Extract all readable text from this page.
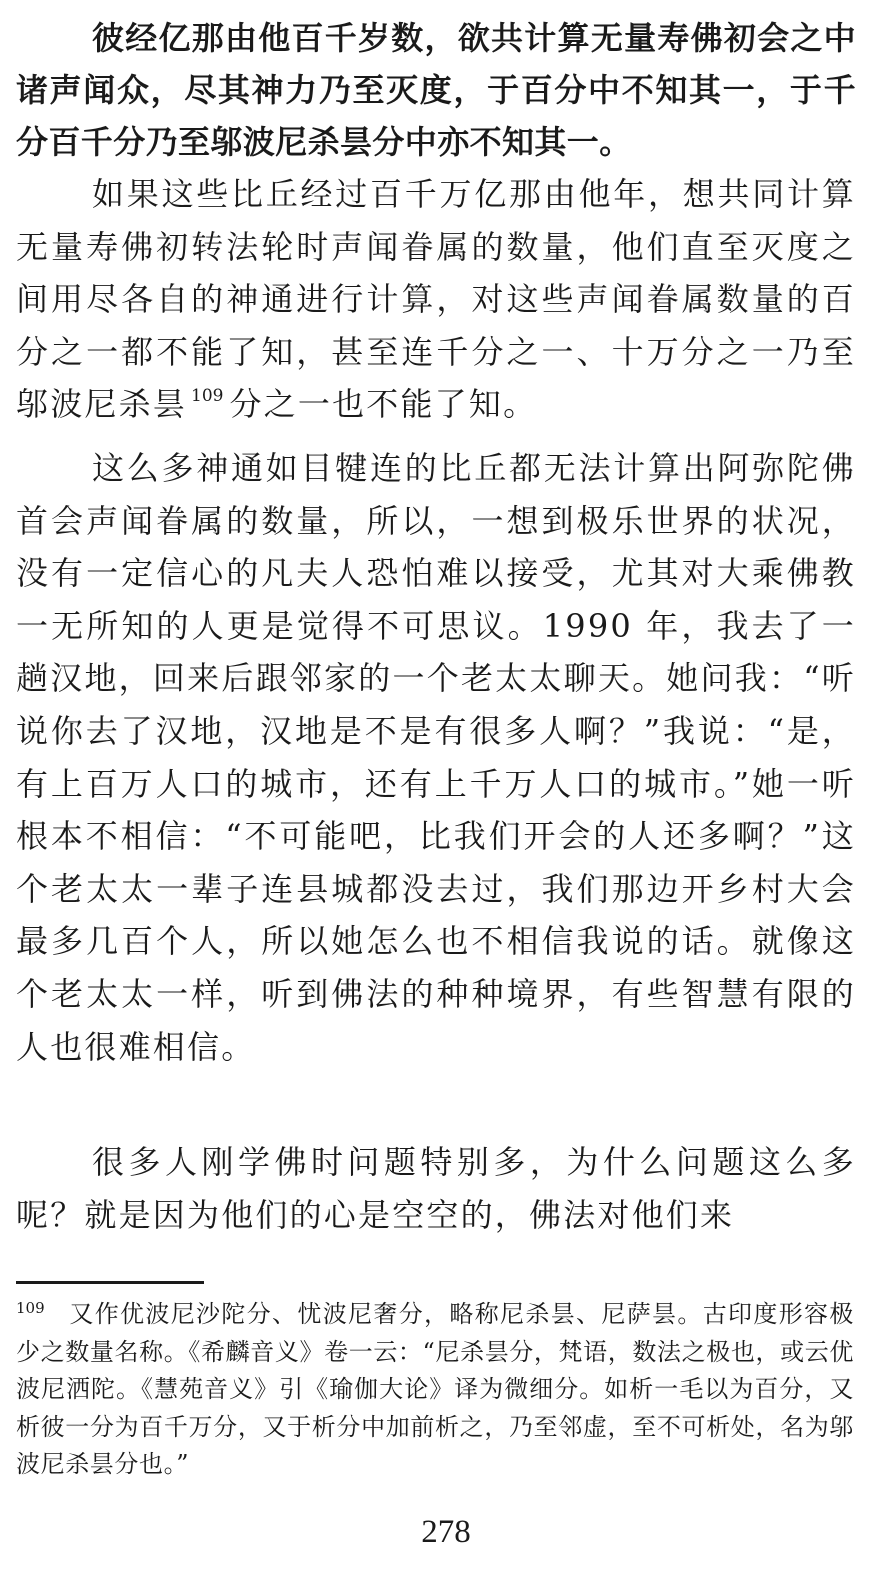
彼经亿那由他百千岁数，欲共计算无量寿佛初会之中诸声闻众，尽其神力乃至灭度，于百分中不知其一，于千分百千分乃至邬波尼杀昙分中亦不知其一。

如果这些比丘经过百千万亿那由他年，想共同计算无量寿佛初转法轮时声闻眷属的数量，他们直至灭度之间用尽各自的神通进行计算，对这些声闻眷属数量的百分之一都不能了知，甚至连千分之一、十万分之一乃至邬波尼杀昙 $^{109}$ 分之一也不能了知。

这么多神通如目犍连的比丘都无法计算出阿弥陀佛首会声闻眷属的数量，所以，一想到极乐世界的状况，没有一定信心的凡夫人恐怕难以接受，尤其对大乘佛教一无所知的人更是觉得不可思议。1990 年，我去了一趟汉地，回来后跟邻家的一个老太太聊天。她问我：“听说你去了汉地，汉地是不是有很多人啊？”我说：“是，有上百万人口的城市，还有上千万人口的城市。”她一听根本不相信：“不可能吧，比我们开会的人还多啊？”这个老太太一辈子连县城都没去过，我们那边开乡村大会最多几百个人，所以她怎么也不相信我说的话。就像这个老太太一样，听到佛法的种种境界，有些智慧有限的人也很难相信。

很多人刚学佛时问题特别多，为什么问题这么多呢？就是因为他们的心是空空的，佛法对他们来

$^{109}$ 又作优波尼沙陀分、忧波尼奢分，略称尼杀昙、尼萨昙。古印度形容极少之数量名称。《希麟音义》卷一云：“尼杀昙分，梵语，数法之极也，或云优波尼洒陀。《慧苑音义》引《瑜伽大论》译为微细分。如析一毛以为百分，又析彼一分为百千万分，又于析分中加前析之，乃至邻虚，至不可析处，名为邬波尼杀昙分也。”

278
